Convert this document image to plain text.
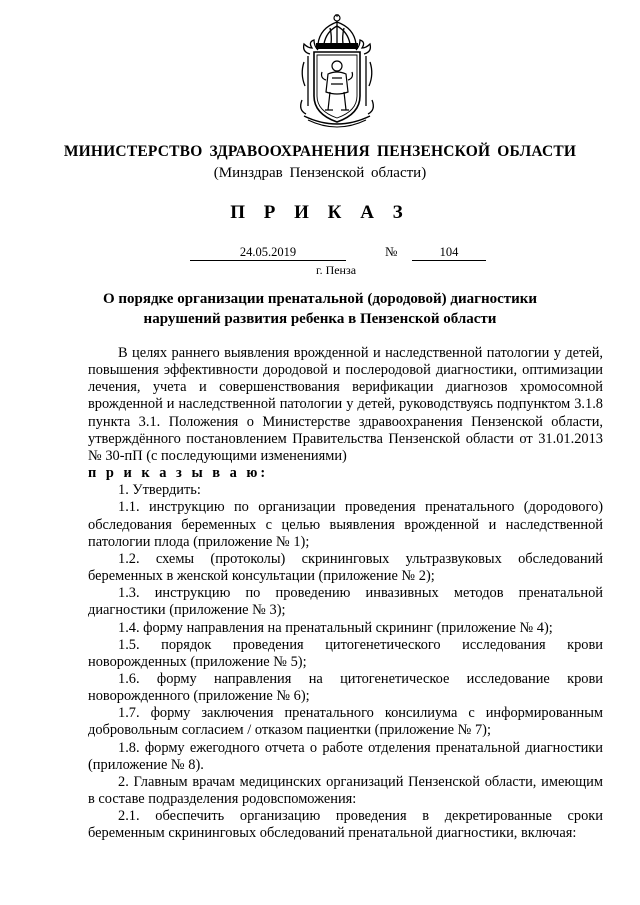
МИНИСТЕРСТВО ЗДРАВООХРАНЕНИЯ ПЕНЗЕНСКОЙ ОБЛАСТИ
(Минздрав Пензенской области)
П Р И К А З
24.05.2019	№	104
г. Пенза
О порядке организации пренатальной (дородовой) диагностики
нарушений развития ребенка в Пензенской области

В целях раннего выявления врожденной и наследственной патологии у детей, повышения эффективности дородовой и послеродовой диагностики, оптимизации лечения, учета и совершенствования верификации диагнозов хромосомной врожденной и наследственной патологии у детей, руководствуясь подпунктом 3.1.8 пункта 3.1. Положения о Министерстве здравоохранения Пензенской области, утверждённого постановлением Правительства Пензенской области от 31.01.2013 № 30-пП (с последующими изменениями)

п р и к а з ы в а ю:

1. Утвердить:

1.1. инструкцию по организации проведения пренатального (дородового) обследования беременных с целью выявления врожденной и наследственной патологии плода (приложение № 1);

1.2. схемы (протоколы) скрининговых ультразвуковых обследований беременных в женской консультации (приложение № 2);

1.3. инструкцию по проведению инвазивных методов пренатальной диагностики (приложение № 3);

1.4. форму направления на пренатальный скрининг (приложение № 4);

1.5. порядок проведения цитогенетического исследования крови новорожденных (приложение № 5);

1.6. форму направления на цитогенетическое исследование крови новорожденного (приложение № 6);

1.7. форму заключения пренатального консилиума с информированным добровольным согласием / отказом пациентки (приложение № 7);

1.8. форму ежегодного отчета о работе отделения пренатальной диагностики (приложение № 8).

2. Главным врачам медицинских организаций Пензенской области, имеющим в составе подразделения родовспоможения:

2.1. обеспечить организацию проведения в декретированные сроки беременным скрининговых обследований пренатальной диагностики, включая:
